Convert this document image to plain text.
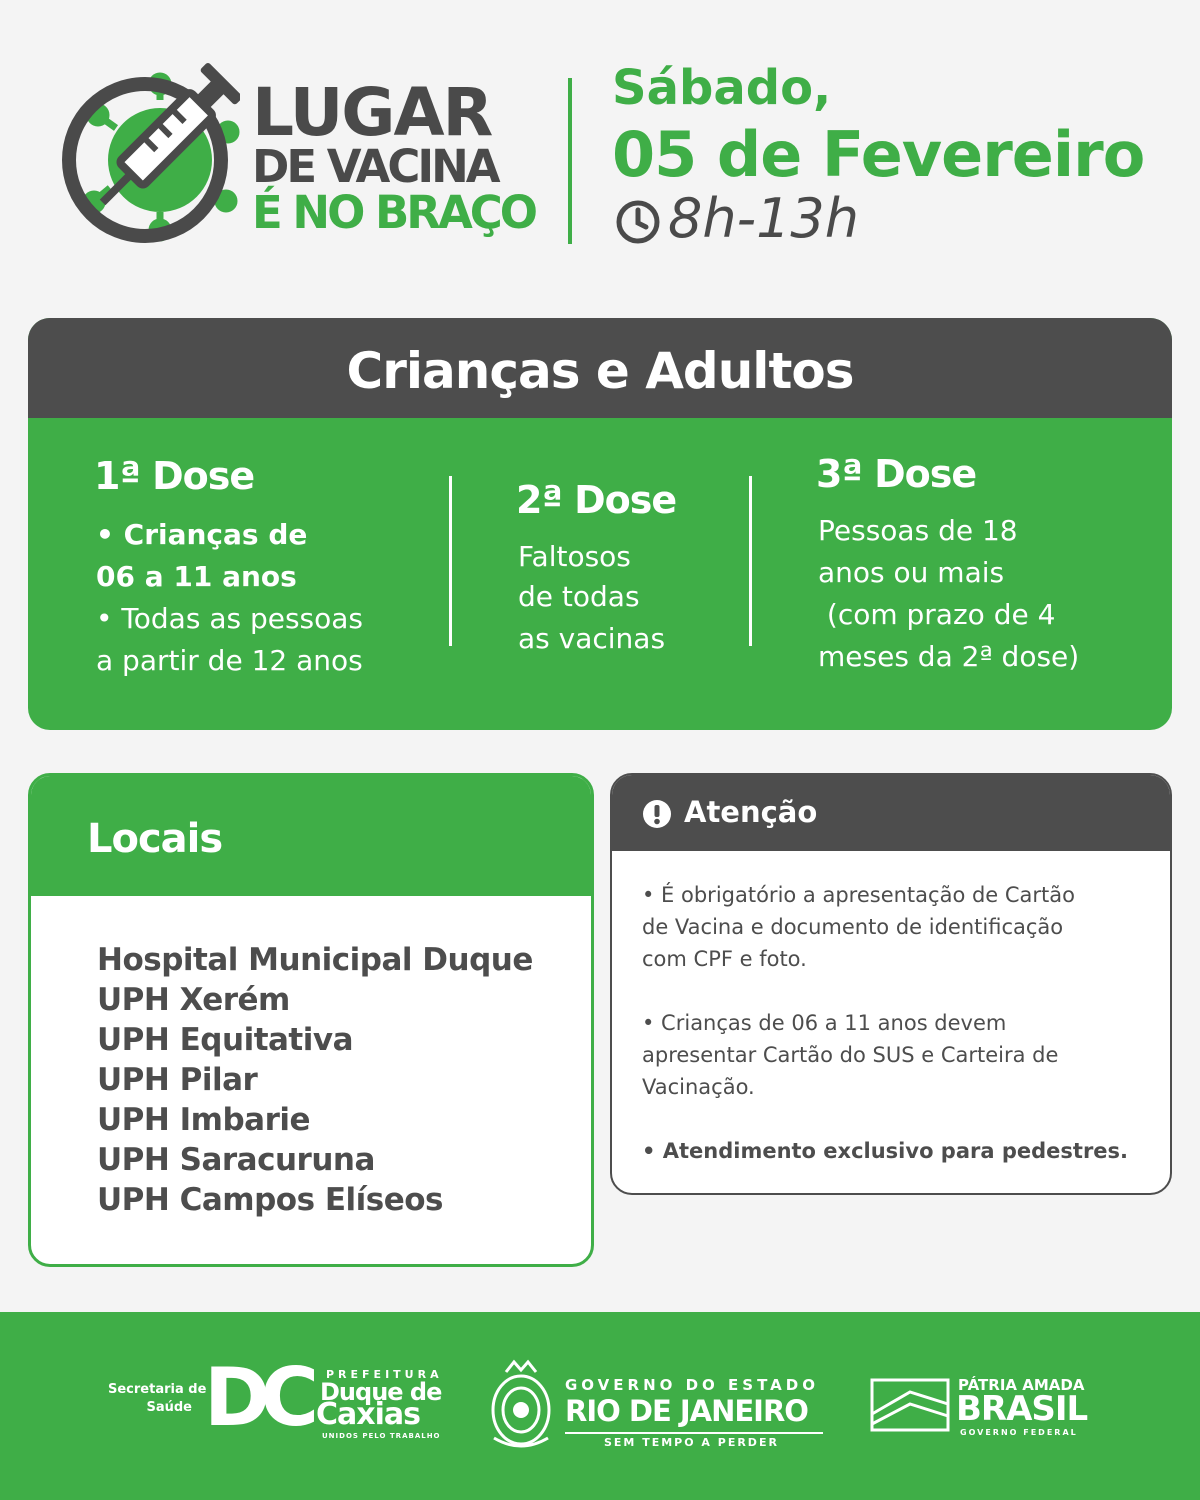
LUGAR
DE VACINA
É NO BRAÇO
Sábado,
05 de Fevereiro
8h-13h
Crianças e Adultos
1ª Dose
• Crianças de
06 a 11 anos
• Todas as pessoas
a partir de 12 anos
2ª Dose
Faltosos
de todas
as vacinas
3ª Dose
Pessoas de 18
anos ou mais
(com prazo de 4
meses da 2ª dose)
Locais
Hospital Municipal Duque
UPH Xerém
UPH Equitativa
UPH Pilar
UPH Imbarie
UPH Saracuruna
UPH Campos Elíseos
Atenção
• É obrigatório a apresentação de Cartão
de Vacina e documento de identificação
com CPF e foto.
• Crianças de 06 a 11 anos devem
apresentar Cartão do SUS e Carteira de
Vacinação.
• Atendimento exclusivo para pedestres.
Secretaria de
Saúde DC PREFEITURA
Duque de
Caxias
UNIDOS PELO TRABALHO
GOVERNO DO ESTADO
RIO DE JANEIRO
SEM TEMPO A PERDER
PÁTRIA AMADA
BRASIL
GOVERNO FEDERAL
